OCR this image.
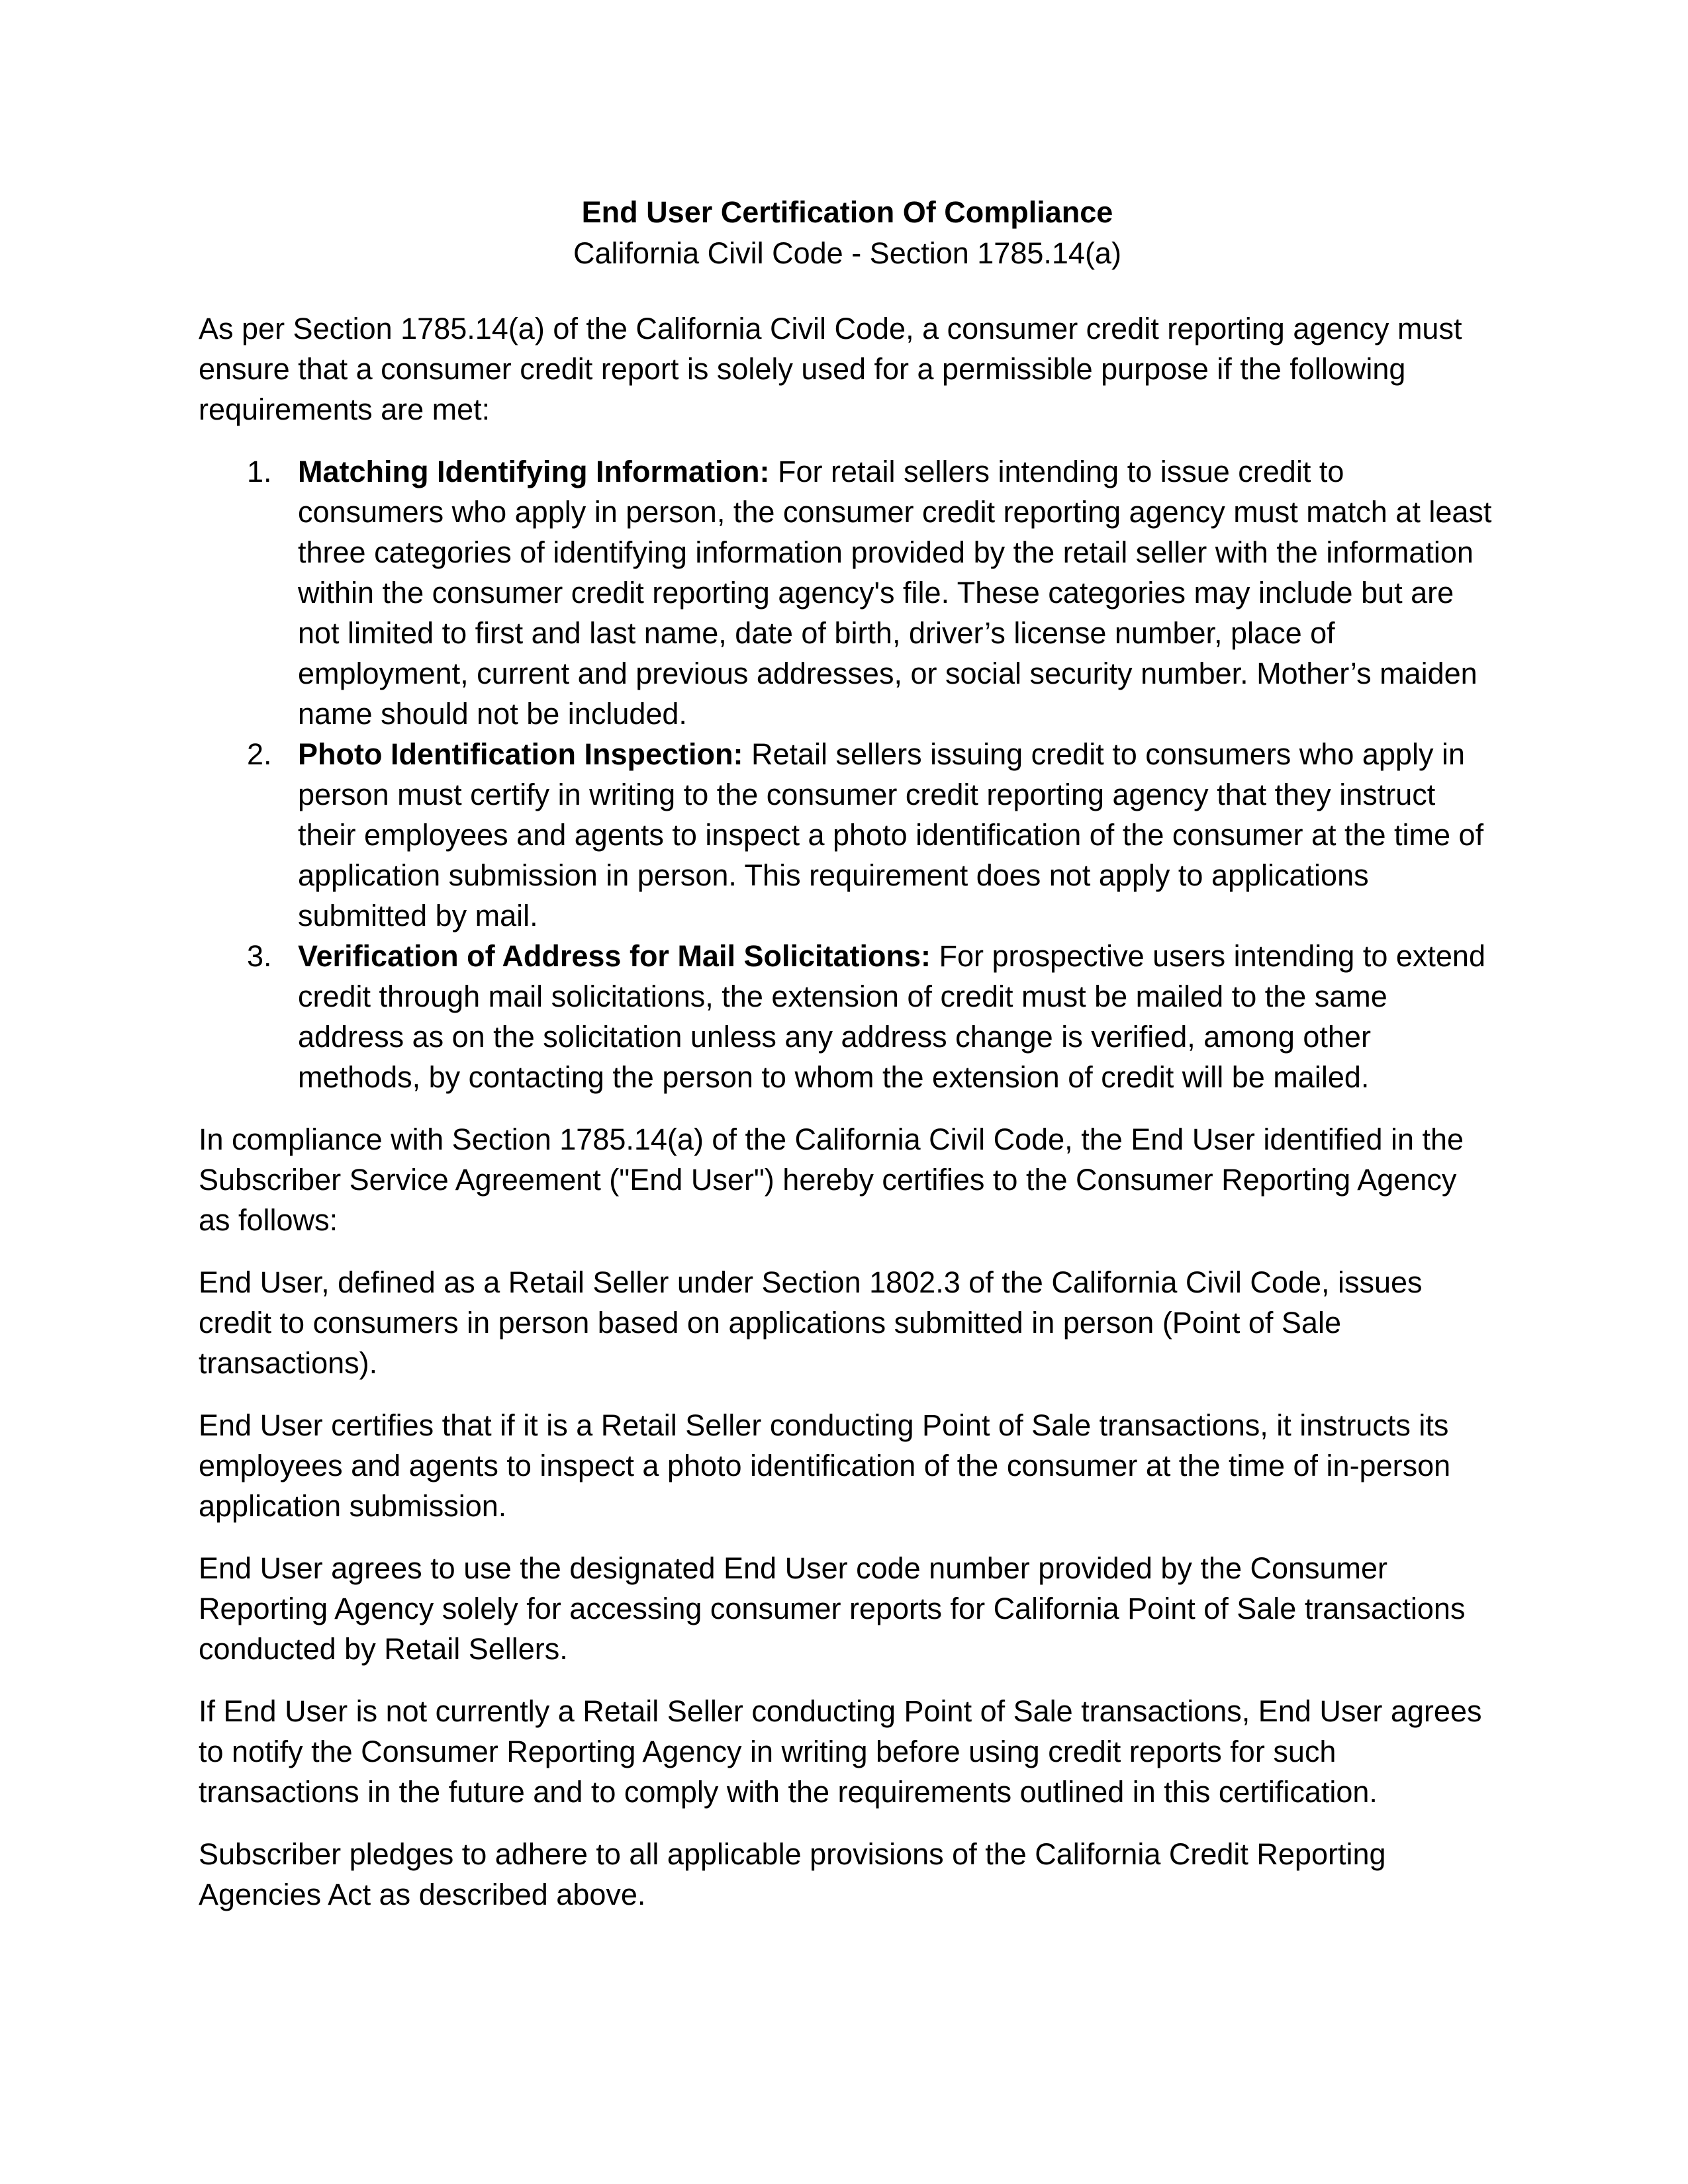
End User Certification Of Compliance
California Civil Code - Section 1785.14(a)

As per Section 1785.14(a) of the California Civil Code, a consumer credit reporting agency must ensure that a consumer credit report is solely used for a permissible purpose if the following requirements are met:

1. Matching Identifying Information: For retail sellers intending to issue credit to consumers who apply in person, the consumer credit reporting agency must match at least three categories of identifying information provided by the retail seller with the information within the consumer credit reporting agency's file. These categories may include but are not limited to first and last name, date of birth, driver’s license number, place of employment, current and previous addresses, or social security number. Mother’s maiden name should not be included.
2. Photo Identification Inspection: Retail sellers issuing credit to consumers who apply in person must certify in writing to the consumer credit reporting agency that they instruct their employees and agents to inspect a photo identification of the consumer at the time of application submission in person. This requirement does not apply to applications submitted by mail.
3. Verification of Address for Mail Solicitations: For prospective users intending to extend credit through mail solicitations, the extension of credit must be mailed to the same address as on the solicitation unless any address change is verified, among other methods, by contacting the person to whom the extension of credit will be mailed.

In compliance with Section 1785.14(a) of the California Civil Code, the End User identified in the Subscriber Service Agreement ("End User") hereby certifies to the Consumer Reporting Agency as follows:

End User, defined as a Retail Seller under Section 1802.3 of the California Civil Code, issues credit to consumers in person based on applications submitted in person (Point of Sale transactions).

End User certifies that if it is a Retail Seller conducting Point of Sale transactions, it instructs its employees and agents to inspect a photo identification of the consumer at the time of in-person application submission.

End User agrees to use the designated End User code number provided by the Consumer Reporting Agency solely for accessing consumer reports for California Point of Sale transactions conducted by Retail Sellers.

If End User is not currently a Retail Seller conducting Point of Sale transactions, End User agrees to notify the Consumer Reporting Agency in writing before using credit reports for such transactions in the future and to comply with the requirements outlined in this certification.

Subscriber pledges to adhere to all applicable provisions of the California Credit Reporting Agencies Act as described above.
